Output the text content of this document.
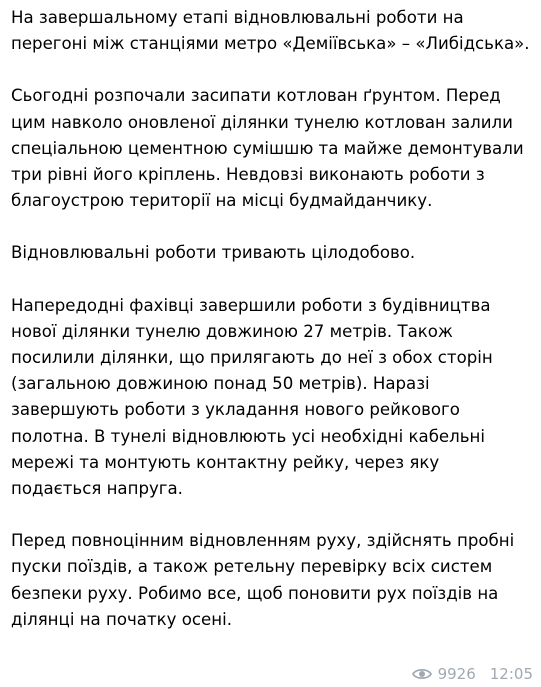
На завершальному етапі відновлювальні роботи на перегоні між станціями метро «Деміївська» – «Либідська».

Сьогодні розпочали засипати котлован ґрунтом. Перед цим навколо оновленої ділянки тунелю котлован залили спеціальною цементною сумішшю та майже демонтували три рівні його кріплень. Невдовзі виконають роботи з благоустрою території на місці будмайданчику.

Відновлювальні роботи тривають цілодобово.

Напередодні фахівці завершили роботи з будівництва нової ділянки тунелю довжиною 27 метрів. Також посилили ділянки, що прилягають до неї з обох сторін (загальною довжиною понад 50 метрів). Наразі завершують роботи з укладання нового рейкового полотна. В тунелі відновлюють усі необхідні кабельні мережі та монтують контактну рейку, через яку подається напруга.

Перед повноцінним відновленням руху, здійснять пробні пуски поїздів, а також ретельну перевірку всіх систем безпеки руху. Робимо все, щоб поновити рух поїздів на ділянці на початку осені.

9926 12:05
